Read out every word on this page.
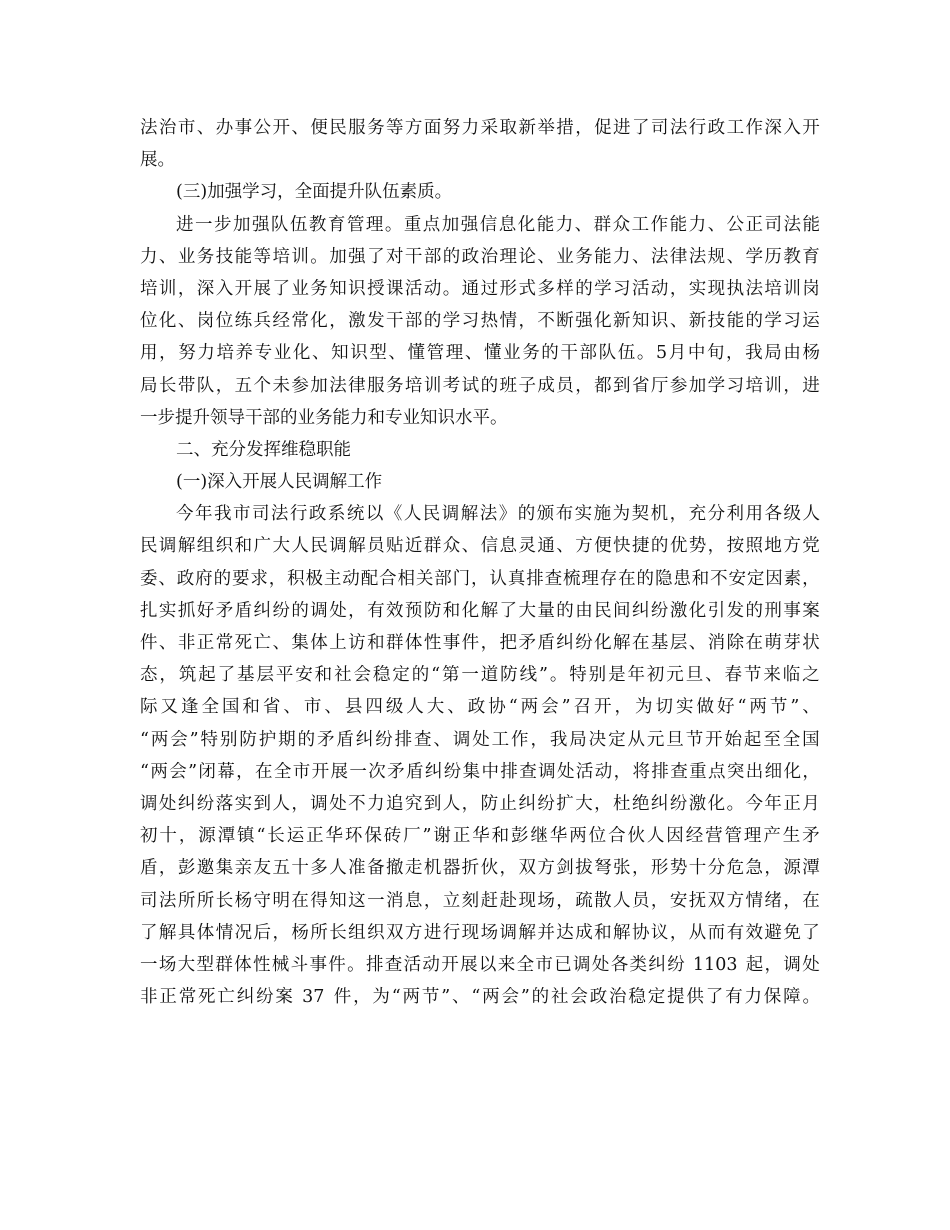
法 治 市 、 办 事 公 开 、 便 民 服 务 等 方 面 努 力 采 取 新 举 措 ， 促 进 了 司 法 行 政 工 作 深 入 开
展 。
( 三 ) 加 强 学 习 ， 全 面 提 升 队 伍 素 质 。
进 一 步 加 强 队 伍 教 育 管 理 。 重 点 加 强 信 息 化 能 力 、 群 众 工 作 能 力 、 公 正 司 法 能
力 、 业 务 技 能 等 培 训 。 加 强 了 对 干 部 的 政 治 理 论 、 业 务 能 力 、 法 律 法 规 、 学 历 教 育
培 训 ， 深 入 开 展 了 业 务 知 识 授 课 活 动 。 通 过 形 式 多 样 的 学 习 活 动 ， 实 现 执 法 培 训 岗
位 化 、 岗 位 练 兵 经 常 化 ， 激 发 干 部 的 学 习 热 情 ， 不 断 强 化 新 知 识 、 新 技 能 的 学 习 运
用 ， 努 力 培 养 专 业 化 、 知 识 型 、 懂 管 理 、 懂 业 务 的 干 部 队 伍 。 5 月 中 旬 ， 我 局 由 杨
局 长 带 队 ， 五 个 未 参 加 法 律 服 务 培 训 考 试 的 班 子 成 员 ， 都 到 省 厅 参 加 学 习 培 训 ， 进
一 步 提 升 领 导 干 部 的 业 务 能 力 和 专 业 知 识 水 平 。
二 、 充 分 发 挥 维 稳 职 能
( 一 ) 深 入 开 展 人 民 调 解 工 作
今 年 我 市 司 法 行 政 系 统 以 《 人 民 调 解 法 》 的 颁 布 实 施 为 契 机 ， 充 分 利 用 各 级 人
民 调 解 组 织 和 广 大 人 民 调 解 员 贴 近 群 众 、 信 息 灵 通 、 方 便 快 捷 的 优 势 ， 按 照 地 方 党
委 、 政 府 的 要 求 ， 积 极 主 动 配 合 相 关 部 门 ， 认 真 排 查 梳 理 存 在 的 隐 患 和 不 安 定 因 素 ，
扎 实 抓 好 矛 盾 纠 纷 的 调 处 ， 有 效 预 防 和 化 解 了 大 量 的 由 民 间 纠 纷 激 化 引 发 的 刑 事 案
件 、 非 正 常 死 亡 、 集 体 上 访 和 群 体 性 事 件 ， 把 矛 盾 纠 纷 化 解 在 基 层 、 消 除 在 萌 芽 状
态 ， 筑 起 了 基 层 平 安 和 社 会 稳 定 的 “ 第 一 道 防 线 ” 。 特 别 是 年 初 元 旦 、 春 节 来 临 之
际 又 逢 全 国 和 省 、 市 、 县 四 级 人 大 、 政 协 “ 两 会 ” 召 开 ， 为 切 实 做 好 “ 两 节 ” 、
“ 两 会 ” 特 别 防 护 期 的 矛 盾 纠 纷 排 查 、 调 处 工 作 ， 我 局 决 定 从 元 旦 节 开 始 起 至 全 国
“ 两 会 ” 闭 幕 ， 在 全 市 开 展 一 次 矛 盾 纠 纷 集 中 排 查 调 处 活 动 ， 将 排 查 重 点 突 出 细 化 ，
调 处 纠 纷 落 实 到 人 ， 调 处 不 力 追 究 到 人 ， 防 止 纠 纷 扩 大 ， 杜 绝 纠 纷 激 化 。 今 年 正 月
初 十 ， 源 潭 镇 “ 长 运 正 华 环 保 砖 厂 ” 谢 正 华 和 彭 继 华 两 位 合 伙 人 因 经 营 管 理 产 生 矛
盾 ， 彭 邀 集 亲 友 五 十 多 人 准 备 撤 走 机 器 折 伙 ， 双 方 剑 拔 弩 张 ， 形 势 十 分 危 急 ， 源 潭
司 法 所 所 长 杨 守 明 在 得 知 这 一 消 息 ， 立 刻 赶 赴 现 场 ， 疏 散 人 员 ， 安 抚 双 方 情 绪 ， 在
了 解 具 体 情 况 后 ， 杨 所 长 组 织 双 方 进 行 现 场 调 解 并 达 成 和 解 协 议 ， 从 而 有 效 避 免 了
一 场 大 型 群 体 性 械 斗 事 件 。 排 查 活 动 开 展 以 来 全 市 已 调 处 各 类 纠 纷
1103
起 ， 调 处
非 正 常 死 亡 纠 纷 案
37
件 ， 为 “ 两 节 ” 、 “ 两 会 ” 的 社 会 政 治 稳 定 提 供 了 有 力 保 障 。
